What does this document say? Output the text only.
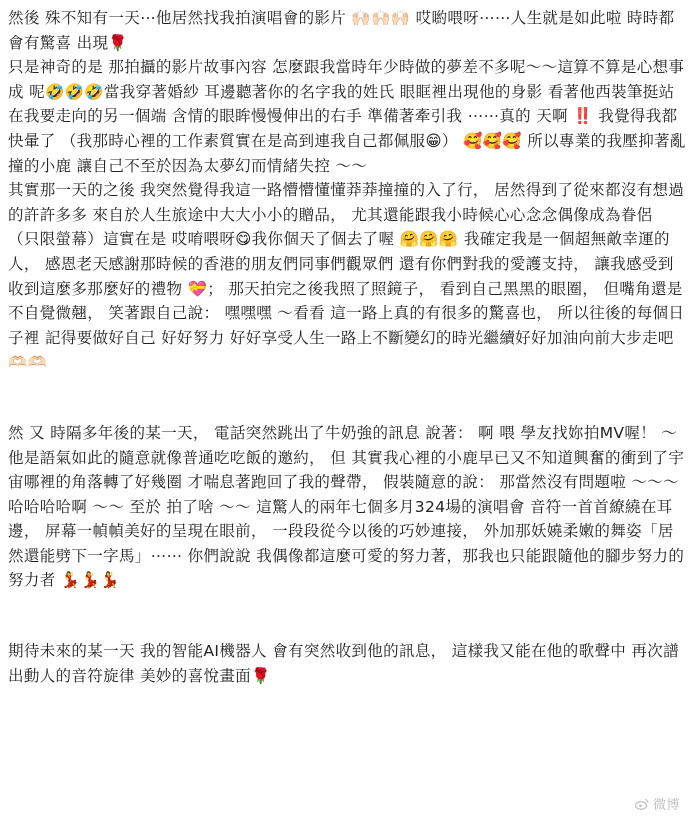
然後 殊不知有一天⋯他居然找我拍演唱會的影片 🙌🏻🙌🏻🙌🏻 哎喲喂呀⋯⋯人生就是如此啦 時時都會有驚喜 出現🌹

只是神奇的是 那拍攝的影片故事內容 怎麼跟我當時年少時做的夢差不多呢～～這算不算是心想事成 呢🤣🤣🤣當我穿著婚紗 耳邊聽著你的名字我的姓氏 眼眶裡出現他的身影 看著他西裝筆挺站在我要走向的另一個端 含情的眼眸慢慢伸出的右手 準備著牽引我 ⋯⋯真的 天啊 ‼️ 我覺得我都快暈了 （我那時心裡的工作素質實在是高到連我自己都佩服😁） 🥰🥰🥰 所以專業的我壓抑著亂撞的小鹿 讓自己不至於因為太夢幻而情緒失控 ～～

其實那一天的之後 我突然覺得我這一路懵懵懂懂莽莽撞撞的入了行， 居然得到了從來都沒有想過的許許多多 來自於人生旅途中大大小小的贈品， 尤其還能跟我小時候心心念念偶像成為眷侶 （只限螢幕）這實在是 哎唷喂呀😋我你個天了個去了喔 🤗🤗🤗 我確定我是一個超無敵幸運的人， 感恩老天感謝那時候的香港的朋友們同事們觀眾們 還有你們對我的愛護支持， 讓我感受到收到這麼多那麼好的禮物 💝； 那天拍完之後我照了照鏡子， 看到自己黑黑的眼圈， 但嘴角還是不自覺微翹， 笑著跟自己說： 嘿嘿嘿 ～看看 這一路上真的有很多的驚喜也， 所以往後的每個日子裡 記得要做好自己 好好努力 好好享受人生一路上不斷變幻的時光繼續好好加油向前大步走吧 🫶🏻🫶🏻

然 又 時隔多年後的某一天， 電話突然跳出了牛奶強的訊息 說著： 啊 喂 學友找妳拍MV喔！ ～ 他是語氣如此的隨意就像普通吃吃飯的邀約， 但 其實我心裡的小鹿早已又不知道興奮的衝到了宇宙哪裡的角落轉了好幾圈 才喘息著跑回了我的聲帶， 假裝隨意的說： 那當然沒有問題啦 ～～～ 哈哈哈哈啊 ～～ 至於 拍了啥 ～～ 這驚人的兩年七個多月324場的演唱會 音符一首首繚繞在耳邊， 屏幕一幀幀美好的呈現在眼前， 一段段從今以後的巧妙連接， 外加那妖嬈柔嫩的舞姿「居然還能劈下一字馬」⋯⋯ 你們說說 我偶像都這麼可愛的努力著，那我也只能跟隨他的腳步努力的努力者 💃💃💃

期待未來的某一天 我的智能AI機器人 會有突然收到他的訊息， 這樣我又能在他的歌聲中 再次譜出動人的音符旋律 美妙的喜悅畫面🌹

微博
